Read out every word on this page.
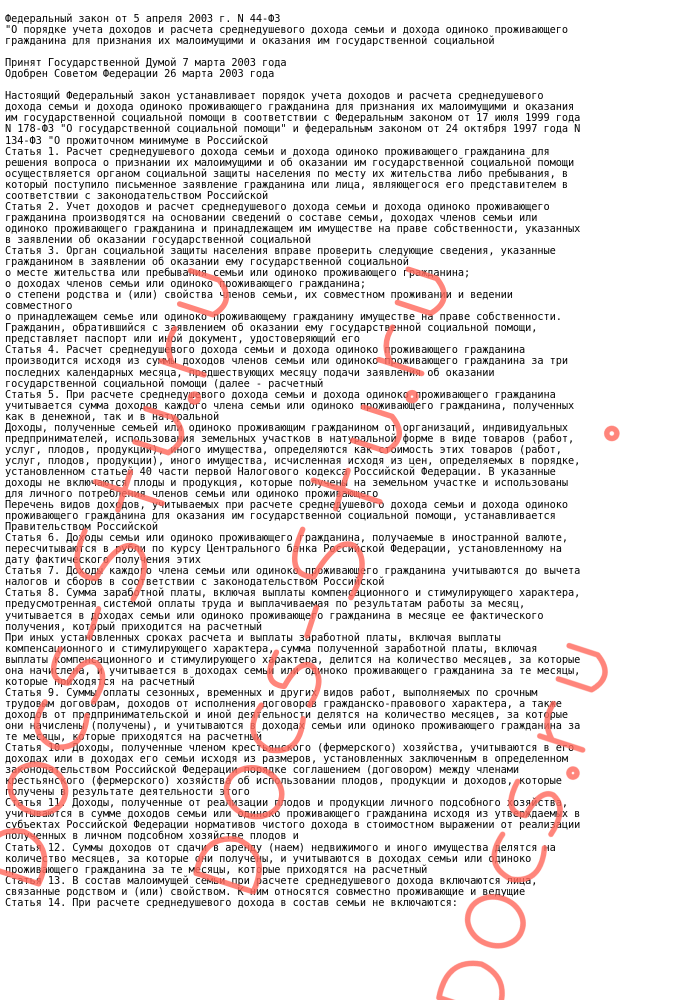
Федеральный закон от 5 апреля 2003 г. N 44-ФЗ
"О порядке учета доходов и расчета среднедушевого дохода семьи и дохода одиноко проживающего
гражданина для признания их малоимущими и оказания им государственной социальной

Принят Государственной Думой 7 марта 2003 года
Одобрен Советом Федерации 26 марта 2003 года

Настоящий Федеральный закон устанавливает порядок учета доходов и расчета среднедушевого
дохода семьи и дохода одиноко проживающего гражданина для признания их малоимущими и оказания
им государственной социальной помощи в соответствии с Федеральным законом от 17 июля 1999 года
N 178-ФЗ "О государственной социальной помощи" и федеральным законом от 24 октября 1997 года N
134-ФЗ "О прожиточном минимуме в Российской
Статья 1. Расчет среднедушевого дохода семьи и дохода одиноко проживающего гражданина для
решения вопроса о признании их малоимущими и об оказании им государственной социальной помощи
осуществляется органом социальной защиты населения по месту их жительства либо пребывания, в
который поступило письменное заявление гражданина или лица, являющегося его представителем в
соответствии с законодательством Российской
Статья 2. Учет доходов и расчет среднедушевого дохода семьи и дохода одиноко проживающего
гражданина производятся на основании сведений о составе семьи, доходах членов семьи или
одиноко проживающего гражданина и принадлежащем им имуществе на праве собственности, указанных
в заявлении об оказании государственной социальной
Статья 3. Орган социальной защиты населения вправе проверить следующие сведения, указанные
гражданином в заявлении об оказании ему государственной социальной
о месте жительства или пребывания семьи или одиноко проживающего гражданина;
о доходах членов семьи или одиноко проживающего гражданина;
о степени родства и (или) свойства членов семьи, их совместном проживании и ведении
совместного
о принадлежащем семье или одиноко проживающему гражданину имуществе на праве собственности.
Гражданин, обратившийся с заявлением об оказании ему государственной социальной помощи,
представляет паспорт или иной документ, удостоверяющий его
Статья 4. Расчет среднедушевого дохода семьи и дохода одиноко проживающего гражданина
производится исходя из суммы доходов членов семьи или одиноко проживающего гражданина за три
последних календарных месяца, предшествующих месяцу подачи заявления об оказании
государственной социальной помощи (далее - расчетный
Статья 5. При расчете среднедушевого дохода семьи и дохода одиноко проживающего гражданина
учитывается сумма доходов каждого члена семьи или одиноко проживающего гражданина, полученных
как в денежной, так и в натуральной
Доходы, полученные семьей или одиноко проживающим гражданином от организаций, индивидуальных
предпринимателей, использования земельных участков в натуральной форме в виде товаров (работ,
услуг, плодов, продукции), иного имущества, определяются как стоимость этих товаров (работ,
услуг, плодов, продукции), иного имущества, исчисленная исходя из цен, определяемых в порядке,
установленном статьей 40 части первой Налогового кодекса Российской Федерации. В указанные
доходы не включаются плоды и продукция, которые получены на земельном участке и использованы
для личного потребления членов семьи или одиноко проживающего
Перечень видов доходов, учитываемых при расчете среднедушевого дохода семьи и дохода одиноко
проживающего гражданина для оказания им государственной социальной помощи, устанавливается
Правительством Российской
Статья 6. Доходы семьи или одиноко проживающего гражданина, получаемые в иностранной валюте,
пересчитываются в рубли по курсу Центрального банка Российской Федерации, установленному на
дату фактического получения этих
Статья 7. Доходы каждого члена семьи или одиноко проживающего гражданина учитываются до вычета
налогов и сборов в соответствии с законодательством Российской
Статья 8. Сумма заработной платы, включая выплаты компенсационного и стимулирующего характера,
предусмотренная системой оплаты труда и выплачиваемая по результатам работы за месяц,
учитывается в доходах семьи или одиноко проживающего гражданина в месяце ее фактического
получения, который приходится на расчетный
При иных установленных сроках расчета и выплаты заработной платы, включая выплаты
компенсационного и стимулирующего характера, сумма полученной заработной платы, включая
выплаты компенсационного и стимулирующего характера, делится на количество месяцев, за которые
она начислена, и учитывается в доходах семьи или одиноко проживающего гражданина за те месяцы,
которые приходятся на расчетный
Статья 9. Суммы оплаты сезонных, временных и других видов работ, выполняемых по срочным
трудовым договорам, доходов от исполнения договоров гражданско-правового характера, а также
доходов от предпринимательской и иной деятельности делятся на количество месяцев, за которые
они начислены (получены), и учитываются в доходах семьи или одиноко проживающего гражданина за
те месяцы, которые приходятся на расчетный
Статья 10. Доходы, полученные членом крестьянского (фермерского) хозяйства, учитываются в его
доходах или в доходах его семьи исходя из размеров, установленных заключенным в определенном
законодательством Российской Федерации порядке соглашением (договором) между членами
крестьянского (фермерского) хозяйства об использовании плодов, продукции и доходов, которые
получены в результате деятельности этого
Статья 11. Доходы, полученные от реализации плодов и продукции личного подсобного хозяйства,
учитываются в сумме доходов семьи или одиноко проживающего гражданина исходя из утверждаемых в
субъектах Российской Федерации нормативов чистого дохода в стоимостном выражении от реализации
полученных в личном подсобном хозяйстве плодов и
Статья 12. Суммы доходов от сдачи в аренду (наем) недвижимого и иного имущества делятся на
количество месяцев, за которые они получены, и учитываются в доходах семьи или одиноко
проживающего гражданина за те месяцы, которые приходятся на расчетный
Статья 13. В состав малоимущей семьи при расчете среднедушевого дохода включаются лица,
связанные родством и (или) свойством. К ним относятся совместно проживающие и ведущие
Статья 14. При расчете среднедушевого дохода в состав семьи не включаются:
